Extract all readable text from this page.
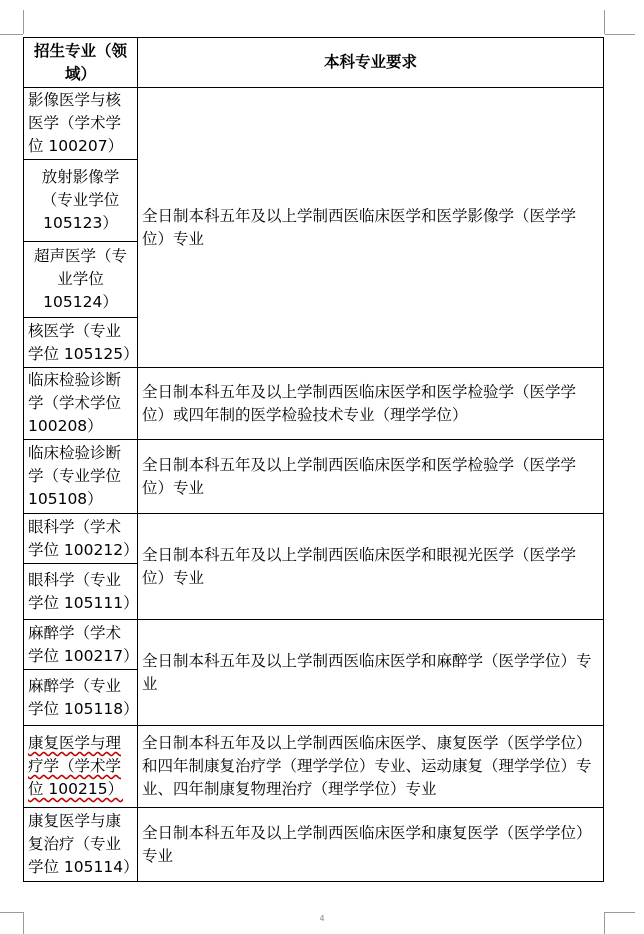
招生专业（领域）	本科专业要求
影像医学与核医学（学术学位 100207）	全日制本科五年及以上学制西医临床医学和医学影像学（医学学位）专业
放射影像学（专业学位 105123）	
超声医学（专业学位 105124）	
核医学（专业学位 105125）	
临床检验诊断学（学术学位 100208）	全日制本科五年及以上学制西医临床医学和医学检验学（医学学位）或四年制的医学检验技术专业（理学学位）
临床检验诊断学（专业学位 105108）	全日制本科五年及以上学制西医临床医学和医学检验学（医学学位）专业
眼科学（学术学位 100212）	全日制本科五年及以上学制西医临床医学和眼视光医学（医学学位）专业
眼科学（专业学位 105111）	
麻醉学（学术学位 100217）	全日制本科五年及以上学制西医临床医学和麻醉学（医学学位）专业
麻醉学（专业学位 105118）	
康复医学与理疗学（学术学位 100215）	全日制本科五年及以上学制西医临床医学、康复医学（医学学位）和四年制康复治疗学（理学学位）专业、运动康复（理学学位）专业、四年制康复物理治疗（理学学位）专业
康复医学与康复治疗（专业学位 105114）	全日制本科五年及以上学制西医临床医学和康复医学（医学学位）专业
4
